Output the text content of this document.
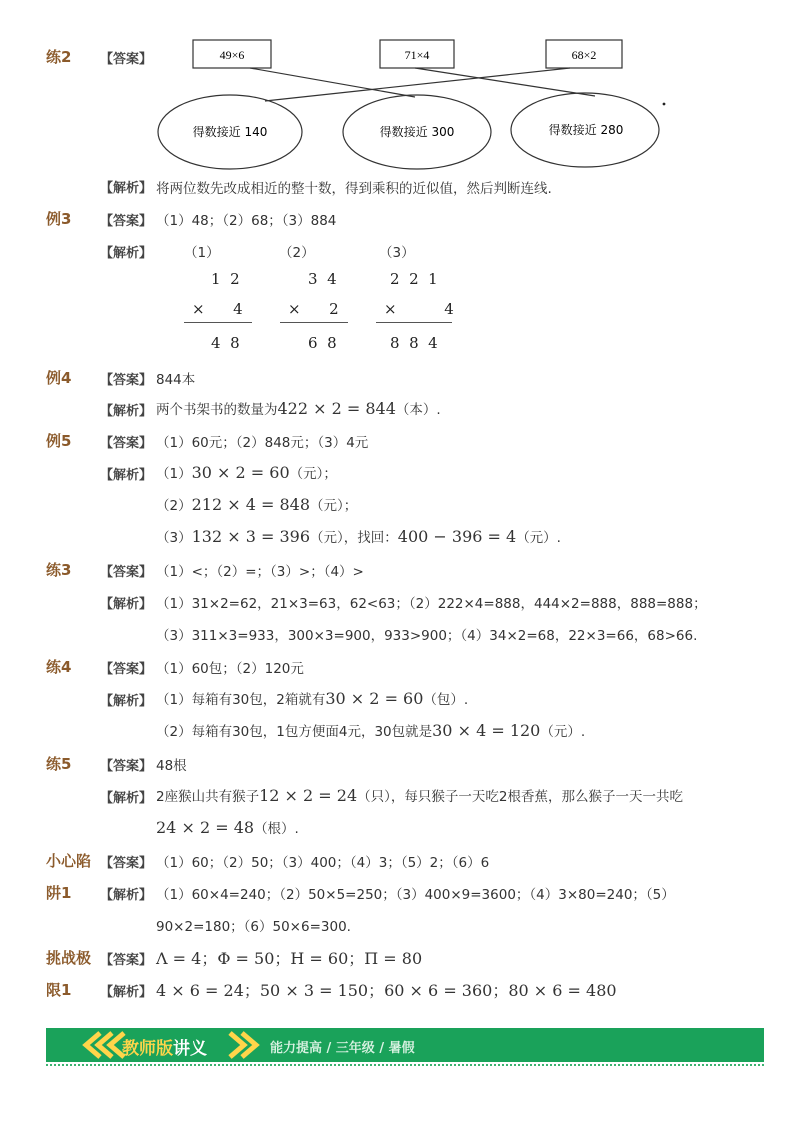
练2 【答案】	49×6	71×4	68×2
得数接近 140	得数接近 300	得数接近 280
【解析】 将两位数先改成相近的整十数，得到乘积的近似值，然后判断连线.
例3 【答案】 （1）48；（2）68；（3）884
【解析】 （1）	（2）	（3）
1  2
×      4
4  8
3  4
×      2
6  8
2  2  1
×          4
8  8  4
例4 【答案】 844本
【解析】 两个书架书的数量为422 × 2 = 844（本）.
例5 【答案】 （1）60元；（2）848元；（3）4元
【解析】 （1）30 × 2 = 60（元）；
（2）212 × 4 = 848（元）；
（3）132 × 3 = 396（元），找回：400 − 396 = 4（元）.
练3 【答案】 （1）<；（2）=；（3）>；（4）>
【解析】 （1）31×2=62，21×3=63，62<63；（2）222×4=888，444×2=888，888=888；
（3）311×3=933，300×3=900，933>900；（4）34×2=68，22×3=66，68>66.
练4 【答案】 （1）60包；（2）120元
【解析】 （1）每箱有30包，2箱就有30 × 2 = 60（包）.
（2）每箱有30包，1包方便面4元，30包就是30 × 4 = 120（元）.
练5 【答案】 48根
【解析】 2座猴山共有猴子12 × 2 = 24（只），每只猴子一天吃2根香蕉，那么猴子一天一共吃
24 × 2 = 48（根）.
小心陷 【答案】 （1）60；（2）50；（3）400；（4）3；（5）2；（6）6
阱1 【解析】 （1）60×4=240；（2）50×5=250；（3）400×9=3600；（4）3×80=240；（5）
90×2=180；（6）50×6=300.
挑战极 【答案】 Λ = 4；Φ = 50；Η = 60；Π = 80
限1 【解析】 4 × 6 = 24；50 × 3 = 150；60 × 6 = 360；80 × 6 = 480
教师版讲义	能力提高 / 三年级 / 暑假
